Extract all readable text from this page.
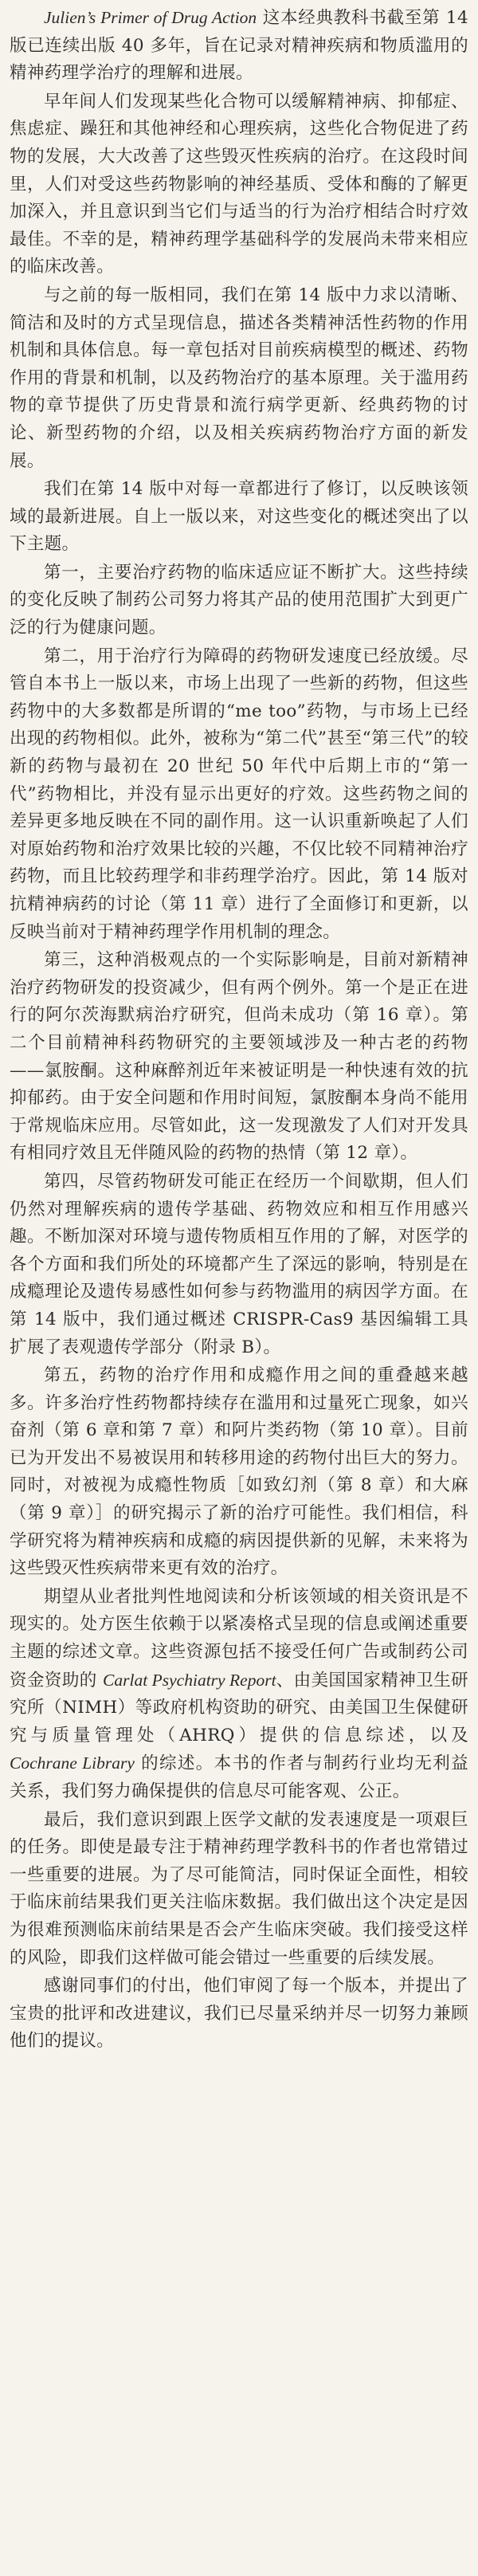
Julien’s Primer of Drug Action 这本经典教科书截至第 14 版已连续出版 40 多年，旨在记录对精神疾病和物质滥用的精神药理学治疗的理解和进展。

早年间人们发现某些化合物可以缓解精神病、抑郁症、焦虑症、躁狂和其他神经和心理疾病，这些化合物促进了药物的发展，大大改善了这些毁灭性疾病的治疗。在这段时间里，人们对受这些药物影响的神经基质、受体和酶的了解更加深入，并且意识到当它们与适当的行为治疗相结合时疗效最佳。不幸的是，精神药理学基础科学的发展尚未带来相应的临床改善。

与之前的每一版相同，我们在第 14 版中力求以清晰、简洁和及时的方式呈现信息，描述各类精神活性药物的作用机制和具体信息。每一章包括对目前疾病模型的概述、药物作用的背景和机制，以及药物治疗的基本原理。关于滥用药物的章节提供了历史背景和流行病学更新、经典药物的讨论、新型药物的介绍，以及相关疾病药物治疗方面的新发展。

我们在第 14 版中对每一章都进行了修订，以反映该领域的最新进展。自上一版以来，对这些变化的概述突出了以下主题。

第一，主要治疗药物的临床适应证不断扩大。这些持续的变化反映了制药公司努力将其产品的使用范围扩大到更广泛的行为健康问题。

第二，用于治疗行为障碍的药物研发速度已经放缓。尽管自本书上一版以来，市场上出现了一些新的药物，但这些药物中的大多数都是所谓的“me too”药物，与市场上已经出现的药物相似。此外，被称为“第二代”甚至“第三代”的较新的药物与最初在 20 世纪 50 年代中后期上市的“第一代”药物相比，并没有显示出更好的疗效。这些药物之间的差异更多地反映在不同的副作用。这一认识重新唤起了人们对原始药物和治疗效果比较的兴趣，不仅比较不同精神治疗药物，而且比较药理学和非药理学治疗。因此，第 14 版对抗精神病药的讨论（第 11 章）进行了全面修订和更新，以反映当前对于精神药理学作用机制的理念。

第三，这种消极观点的一个实际影响是，目前对新精神治疗药物研发的投资减少，但有两个例外。第一个是正在进行的阿尔茨海默病治疗研究，但尚未成功（第 16 章）。第二个目前精神科药物研究的主要领域涉及一种古老的药物——氯胺酮。这种麻醉剂近年来被证明是一种快速有效的抗抑郁药。由于安全问题和作用时间短，氯胺酮本身尚不能用于常规临床应用。尽管如此，这一发现激发了人们对开发具有相同疗效且无伴随风险的药物的热情（第 12 章）。

第四，尽管药物研发可能正在经历一个间歇期，但人们仍然对理解疾病的遗传学基础、药物效应和相互作用感兴趣。不断加深对环境与遗传物质相互作用的了解，对医学的各个方面和我们所处的环境都产生了深远的影响，特别是在成瘾理论及遗传易感性如何参与药物滥用的病因学方面。在第 14 版中，我们通过概述 CRISPR-Cas9 基因编辑工具扩展了表观遗传学部分（附录 B）。

第五，药物的治疗作用和成瘾作用之间的重叠越来越多。许多治疗性药物都持续存在滥用和过量死亡现象，如兴奋剂（第 6 章和第 7 章）和阿片类药物（第 10 章）。目前已为开发出不易被误用和转移用途的药物付出巨大的努力。同时，对被视为成瘾性物质［如致幻剂（第 8 章）和大麻（第 9 章）］的研究揭示了新的治疗可能性。我们相信，科学研究将为精神疾病和成瘾的病因提供新的见解，未来将为这些毁灭性疾病带来更有效的治疗。

期望从业者批判性地阅读和分析该领域的相关资讯是不现实的。处方医生依赖于以紧凑格式呈现的信息或阐述重要主题的综述文章。这些资源包括不接受任何广告或制药公司资金资助的 Carlat Psychiatry Report、由美国国家精神卫生研究所（NIMH）等政府机构资助的研究、由美国卫生保健研究与质量管理处（AHRQ）提供的信息综述，以及 Cochrane Library 的综述。本书的作者与制药行业均无利益关系，我们努力确保提供的信息尽可能客观、公正。

最后，我们意识到跟上医学文献的发表速度是一项艰巨的任务。即使是最专注于精神药理学教科书的作者也常错过一些重要的进展。为了尽可能简洁，同时保证全面性，相较于临床前结果我们更关注临床数据。我们做出这个决定是因为很难预测临床前结果是否会产生临床突破。我们接受这样的风险，即我们这样做可能会错过一些重要的后续发展。

感谢同事们的付出，他们审阅了每一个版本，并提出了宝贵的批评和改进建议，我们已尽量采纳并尽一切努力兼顾他们的提议。
